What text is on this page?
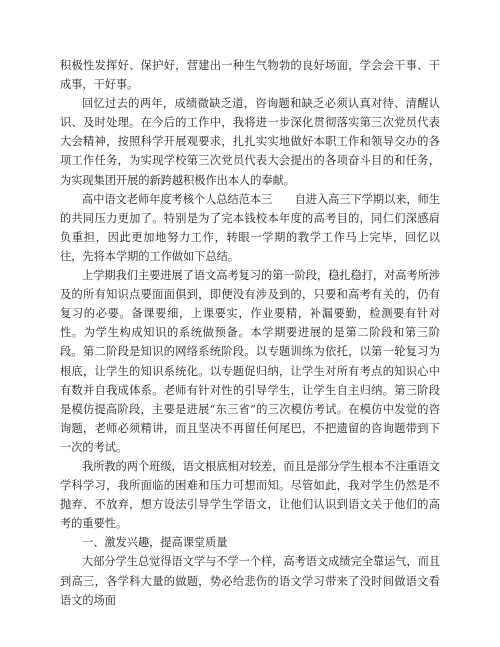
积极性发挥好、保护好，营建出一种生气物勃的良好场面，学会会干事、干成事，干好事。

回忆过去的两年，成绩微缺乏道，咨询题和缺乏必须认真对待、清醒认识、及时处理。在今后的工作中，我将进一步深化贯彻落实第三次党员代表大会精神，按照科学开展观要求，扎扎实实地做好本职工作和领导交办的各项工作任务，为实现学校第三次党员代表大会提出的各项奋斗目的和任务，为实现集团开展的新跨越积极作出本人的奉献。

高中语文老师年度考核个人总结范本三　　自进入高三下学期以来，师生的共同压力更加了。特别是为了完本钱校本年度的高考目的，同仁们深感肩负重担，因此更加地努力工作，转眼一学期的教学工作马上完毕，回忆以往，先将本学期的工作做如下总结。

上学期我们主要进展了语文高考复习的第一阶段，稳扎稳打，对高考所涉及的所有知识点要面面俱到，即便没有涉及到的，只要和高考有关的，仍有复习的必要。备课要细，上课要实，作业要精，补漏要勤，检测要有针对性。为学生构成知识的系统做预备。本学期要进展的是第二阶段和第三阶段。第二阶段是知识的网络系统阶段。以专题训练为依托，以第一轮复习为根底，让学生的知识系统化。以专题促归纳，让学生对所有考点的知识心中有数并自我成体系。老师有针对性的引导学生，让学生自主归纳。第三阶段是模仿提高阶段，主要是进展“东三省”的三次模仿考试。在模仿中发觉的咨询题，老师必须精讲，而且坚决不再留任何尾巴，不把遗留的咨询题带到下一次的考试。

我所教的两个班级，语文根底相对较差，而且是部分学生根本不注重语文学科学习，我所面临的困难和压力可想而知。尽管如此，我对学生仍然是不抛弃、不放弃，想方设法引导学生学语文，让他们认识到语文关于他们的高考的重要性。

一、激发兴趣，提高课堂质量

大部分学生总觉得语文学与不学一个样，高考语文成绩完全靠运气，而且到高三，各学科大量的做题，势必给悲伤的语文学习带来了没时间做语文看语文的场面
